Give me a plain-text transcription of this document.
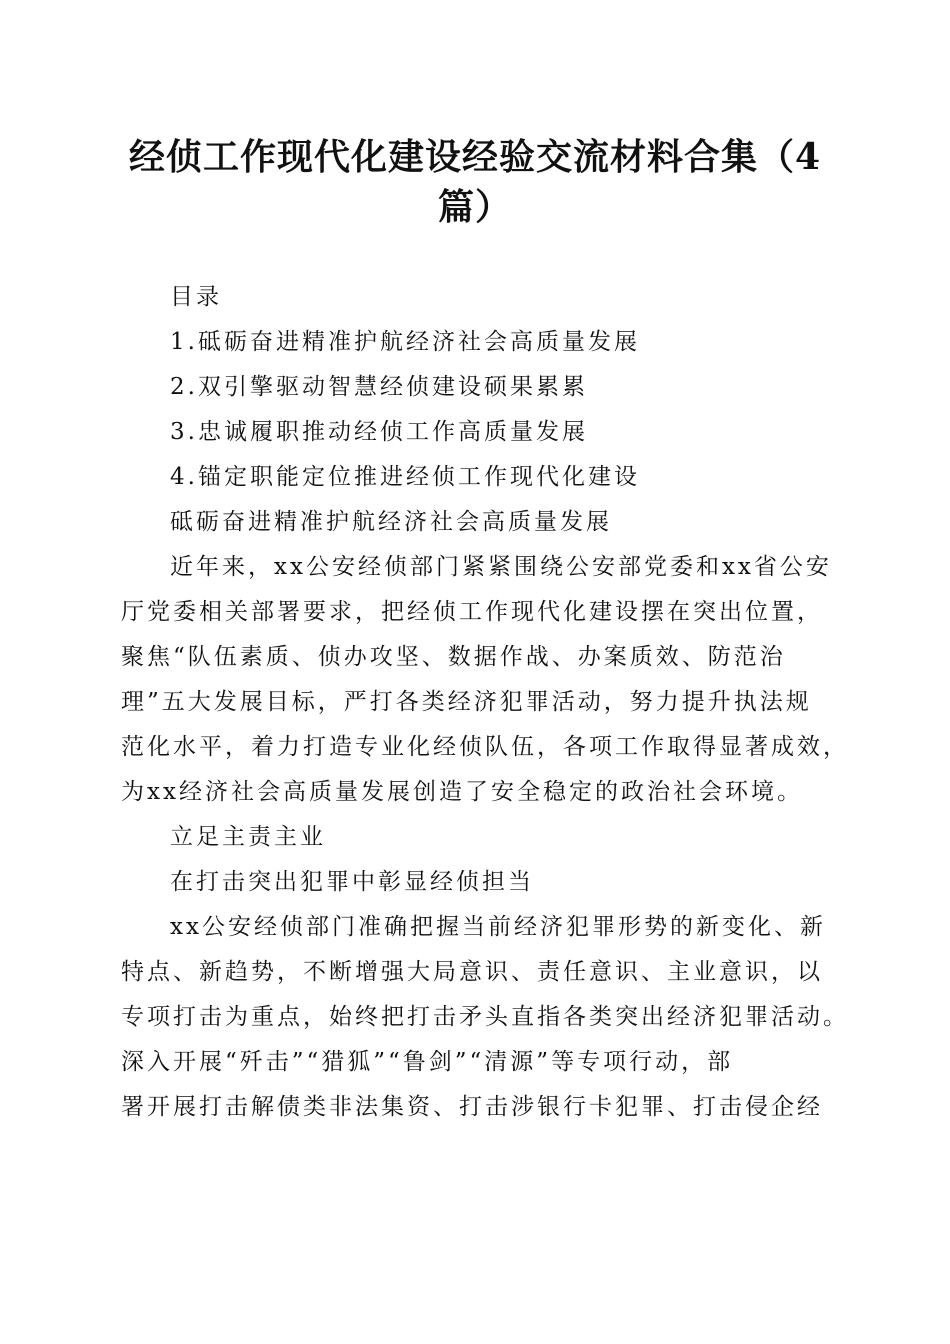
经侦工作现代化建设经验交流材料合集（4
篇）
目录
1.砥砺奋进精准护航经济社会高质量发展
2.双引擎驱动智慧经侦建设硕果累累
3.忠诚履职推动经侦工作高质量发展
4.锚定职能定位推进经侦工作现代化建设
砥砺奋进精准护航经济社会高质量发展
近年来，xx公安经侦部门紧紧围绕公安部党委和xx省公安
厅党委相关部署要求，把经侦工作现代化建设摆在突出位置，
聚焦“队伍素质、侦办攻坚、数据作战、办案质效、防范治
理”五大发展目标，严打各类经济犯罪活动，努力提升执法规
范化水平，着力打造专业化经侦队伍，各项工作取得显著成效，
为xx经济社会高质量发展创造了安全稳定的政治社会环境。
立足主责主业
在打击突出犯罪中彰显经侦担当
xx公安经侦部门准确把握当前经济犯罪形势的新变化、新
特点、新趋势，不断增强大局意识、责任意识、主业意识，以
专项打击为重点，始终把打击矛头直指各类突出经济犯罪活动。
深入开展“歼击”“猎狐”“鲁剑”“清源”等专项行动，部
署开展打击解债类非法集资、打击涉银行卡犯罪、打击侵企经
